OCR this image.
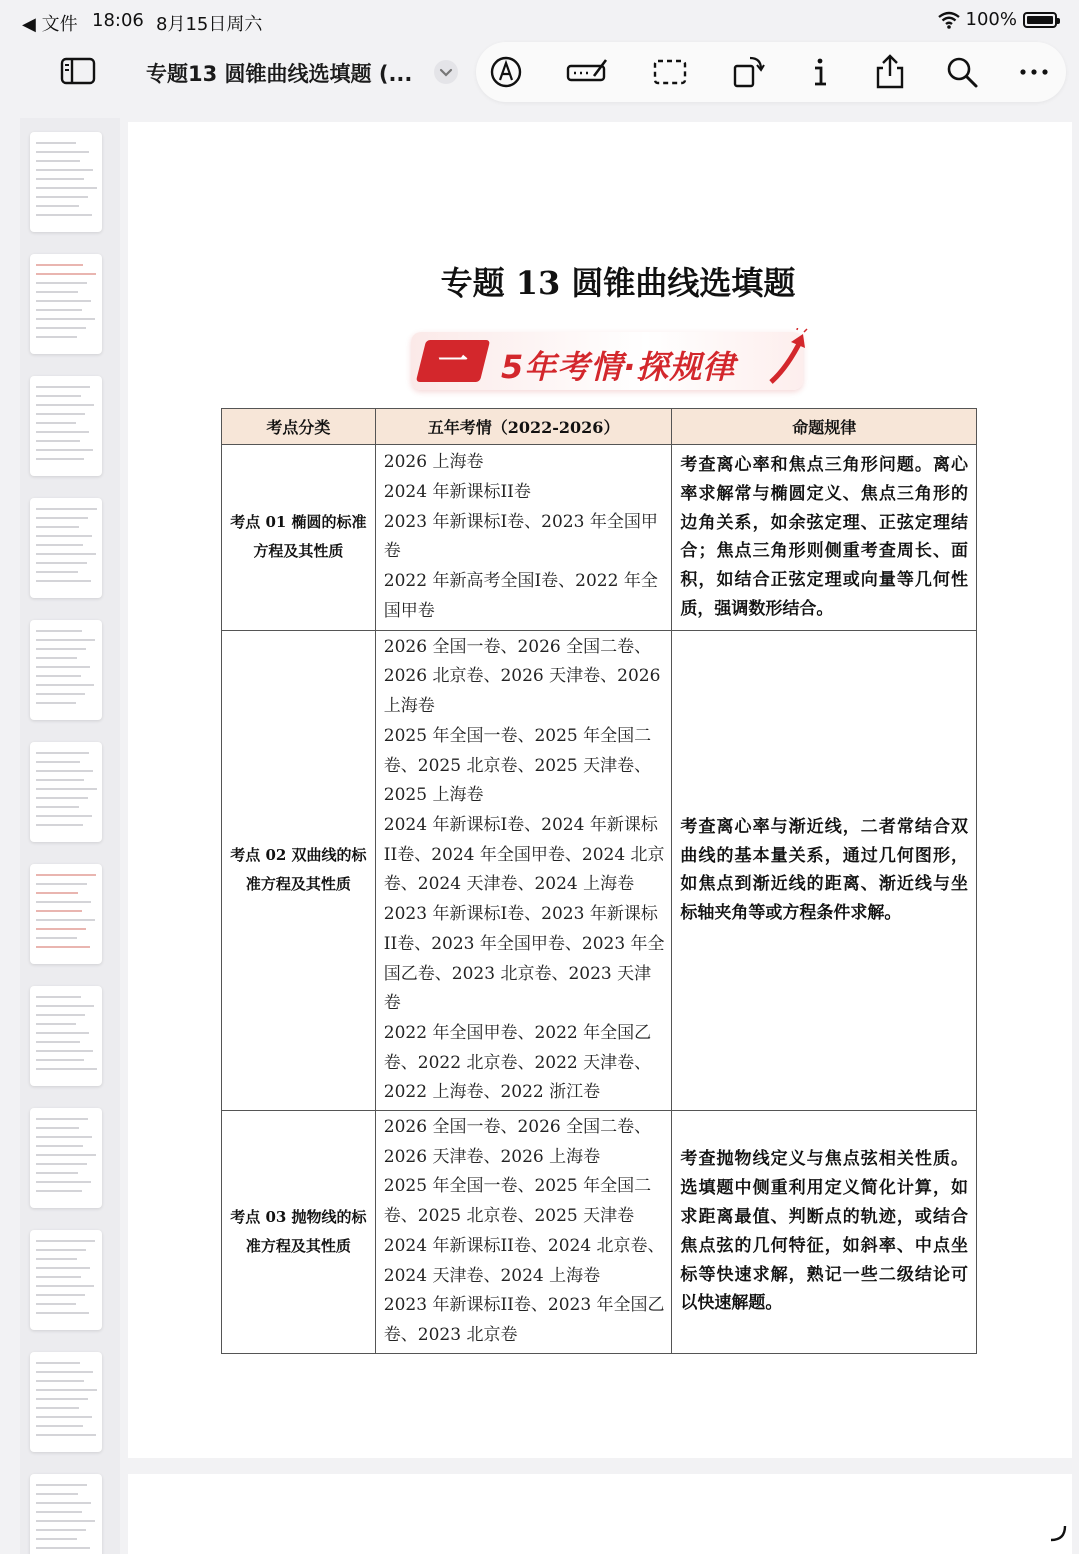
◀ 文件 18:06 8月15日周六	100%
专题13 圆锥曲线选填题 (...
专题 13 圆锥曲线选填题
一	5年考情·探规律
考点分类	五年考情（2022-2026）	命题规律
考点 01 椭圆的标准方程及其性质	2026 上海卷
2024 年新课标II卷
2023 年新课标I卷、2023 年全国甲卷
2022 年新高考全国I卷、2022 年全国甲卷	考查离心率和焦点三角形问题。离心率求解常与椭圆定义、焦点三角形的边角关系，如余弦定理、正弦定理结合；焦点三角形则侧重考查周长、面积，如结合正弦定理或向量等几何性质，强调数形结合。
考点 02 双曲线的标准方程及其性质	2026 全国一卷、2026 全国二卷、2026 北京卷、2026 天津卷、2026 上海卷
2025 年全国一卷、2025 年全国二卷、2025 北京卷、2025 天津卷、2025 上海卷
2024 年新课标I卷、2024 年新课标II卷、2024 年全国甲卷、2024 北京卷、2024 天津卷、2024 上海卷
2023 年新课标I卷、2023 年新课标II卷、2023 年全国甲卷、2023 年全国乙卷、2023 北京卷、2023 天津卷
2022 年全国甲卷、2022 年全国乙卷、2022 北京卷、2022 天津卷、2022 上海卷、2022 浙江卷	考查离心率与渐近线，二者常结合双曲线的基本量关系，通过几何图形，如焦点到渐近线的距离、渐近线与坐标轴夹角等或方程条件求解。
考点 03 抛物线的标准方程及其性质	2026 全国一卷、2026 全国二卷、2026 天津卷、2026 上海卷
2025 年全国一卷、2025 年全国二卷、2025 北京卷、2025 天津卷
2024 年新课标II卷、2024 北京卷、2024 天津卷、2024 上海卷
2023 年新课标II卷、2023 年全国乙卷、2023 北京卷	考查抛物线定义与焦点弦相关性质。选填题中侧重利用定义简化计算，如求距离最值、判断点的轨迹，或结合焦点弦的几何特征，如斜率、中点坐标等快速求解，熟记一些二级结论可以快速解题。
